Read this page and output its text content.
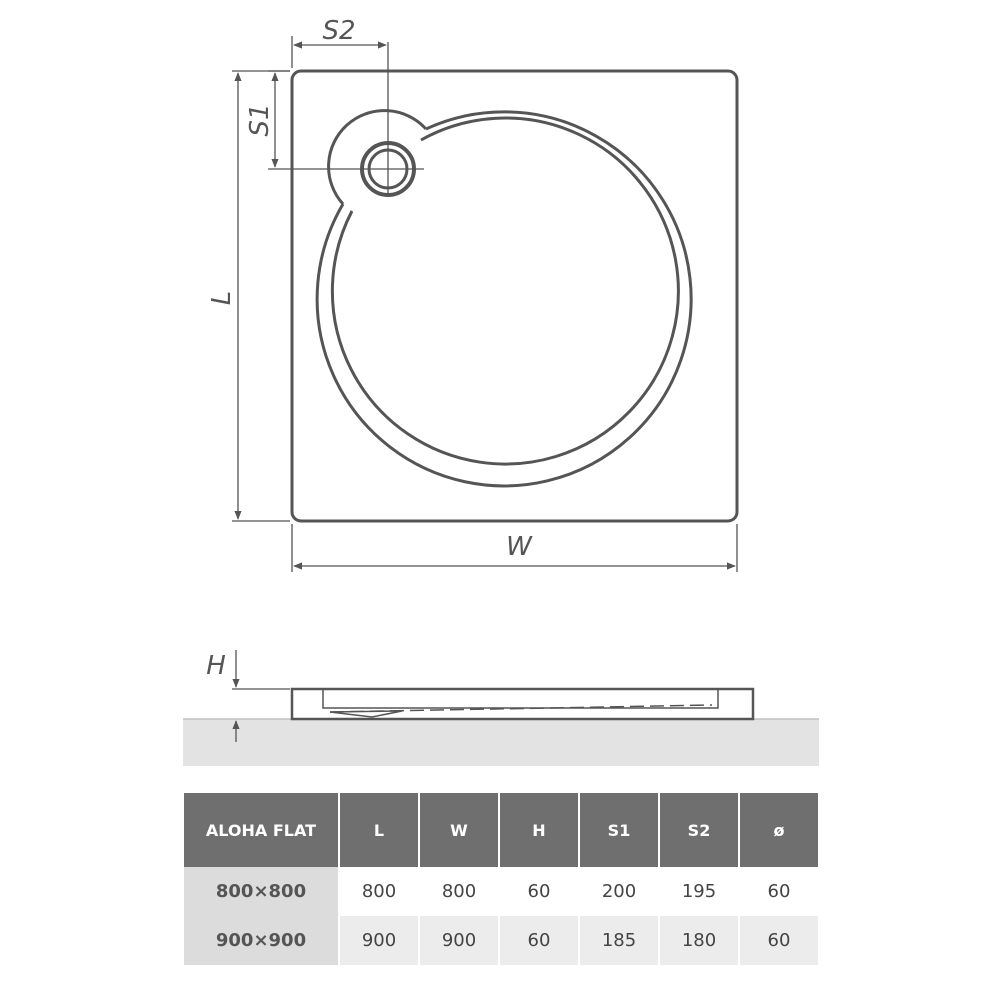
S2
S1
L
W
H
ALOHA FLAT	L	W	H	S1	S2	ø
800×800	800	800	60	200	195	60
900×900	900	900	60	185	180	60
